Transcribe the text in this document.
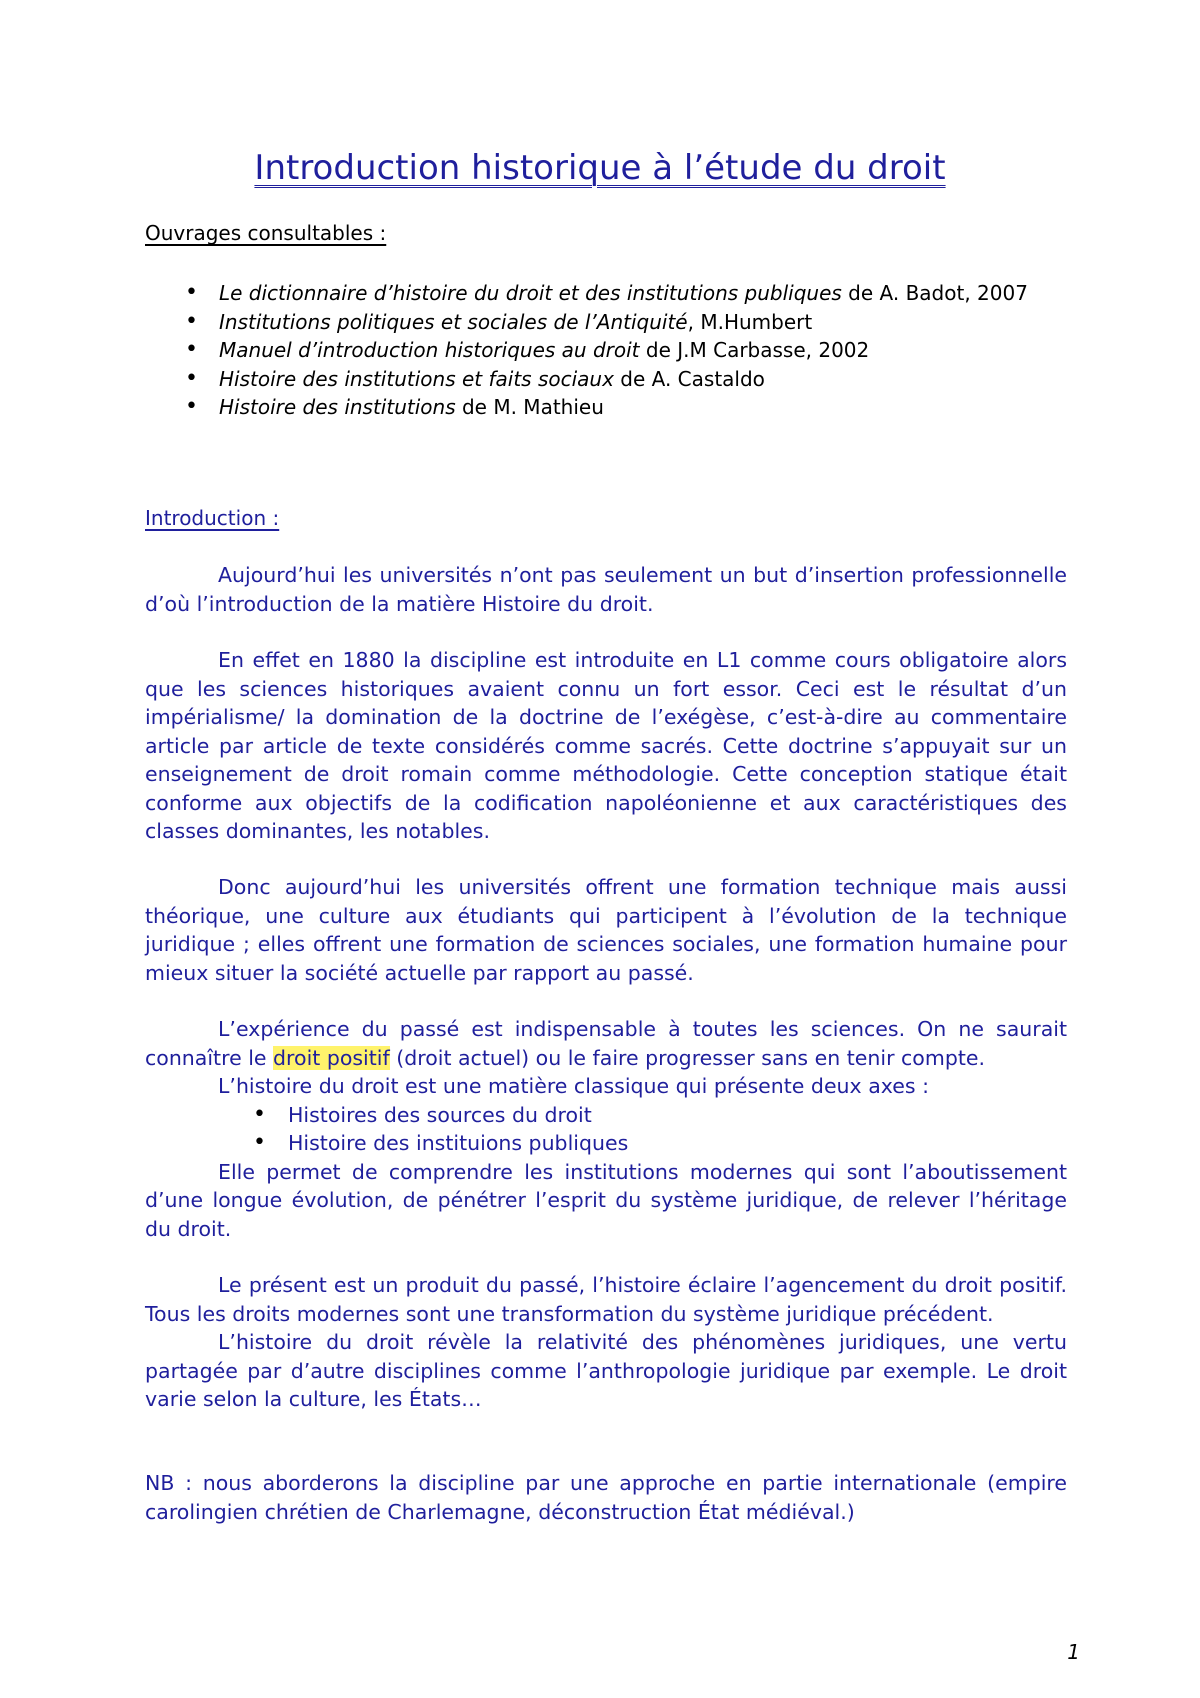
Introduction historique à l’étude du droit
Ouvrages consultables :
• Le dictionnaire d’histoire du droit et des institutions publiques de A. Badot, 2007
• Institutions politiques et sociales de l’Antiquité, M.Humbert
• Manuel d’introduction historiques au droit de J.M Carbasse, 2002
• Histoire des institutions et faits sociaux de A. Castaldo
• Histoire des institutions de M. Mathieu
Introduction :

Aujourd’hui les universités n’ont pas seulement un but d’insertion professionnelle d’où l’introduction de la matière Histoire du droit.

En effet en 1880 la discipline est introduite en L1 comme cours obligatoire alors que les sciences historiques avaient connu un fort essor. Ceci est le résultat d’un impérialisme/ la domination de la doctrine de l’exégèse, c’est-à-dire au commentaire article par article de texte considérés comme sacrés. Cette doctrine s’appuyait sur un enseignement de droit romain comme méthodologie. Cette conception statique était conforme aux objectifs de la codification napoléonienne et aux caractéristiques des classes dominantes, les notables.

Donc aujourd’hui les universités offrent une formation technique mais aussi théorique, une culture aux étudiants qui participent à l’évolution de la technique juridique ; elles offrent une formation de sciences sociales, une formation humaine pour mieux situer la société actuelle par rapport au passé.

L’expérience du passé est indispensable à toutes les sciences. On ne saurait connaître le droit positif (droit actuel) ou le faire progresser sans en tenir compte.

L’histoire du droit est une matière classique qui présente deux axes :

• Histoires des sources du droit
• Histoire des instituions publiques

Elle permet de comprendre les institutions modernes qui sont l’aboutissement d’une longue évolution, de pénétrer l’esprit du système juridique, de relever l’héritage du droit.

Le présent est un produit du passé, l’histoire éclaire l’agencement du droit positif. Tous les droits modernes sont une transformation du système juridique précédent.

L’histoire du droit révèle la relativité des phénomènes juridiques, une vertu partagée par d’autre disciplines comme l’anthropologie juridique par exemple. Le droit varie selon la culture, les États…

NB : nous aborderons la discipline par une approche en partie internationale (empire carolingien chrétien de Charlemagne, déconstruction État médiéval.)

1
